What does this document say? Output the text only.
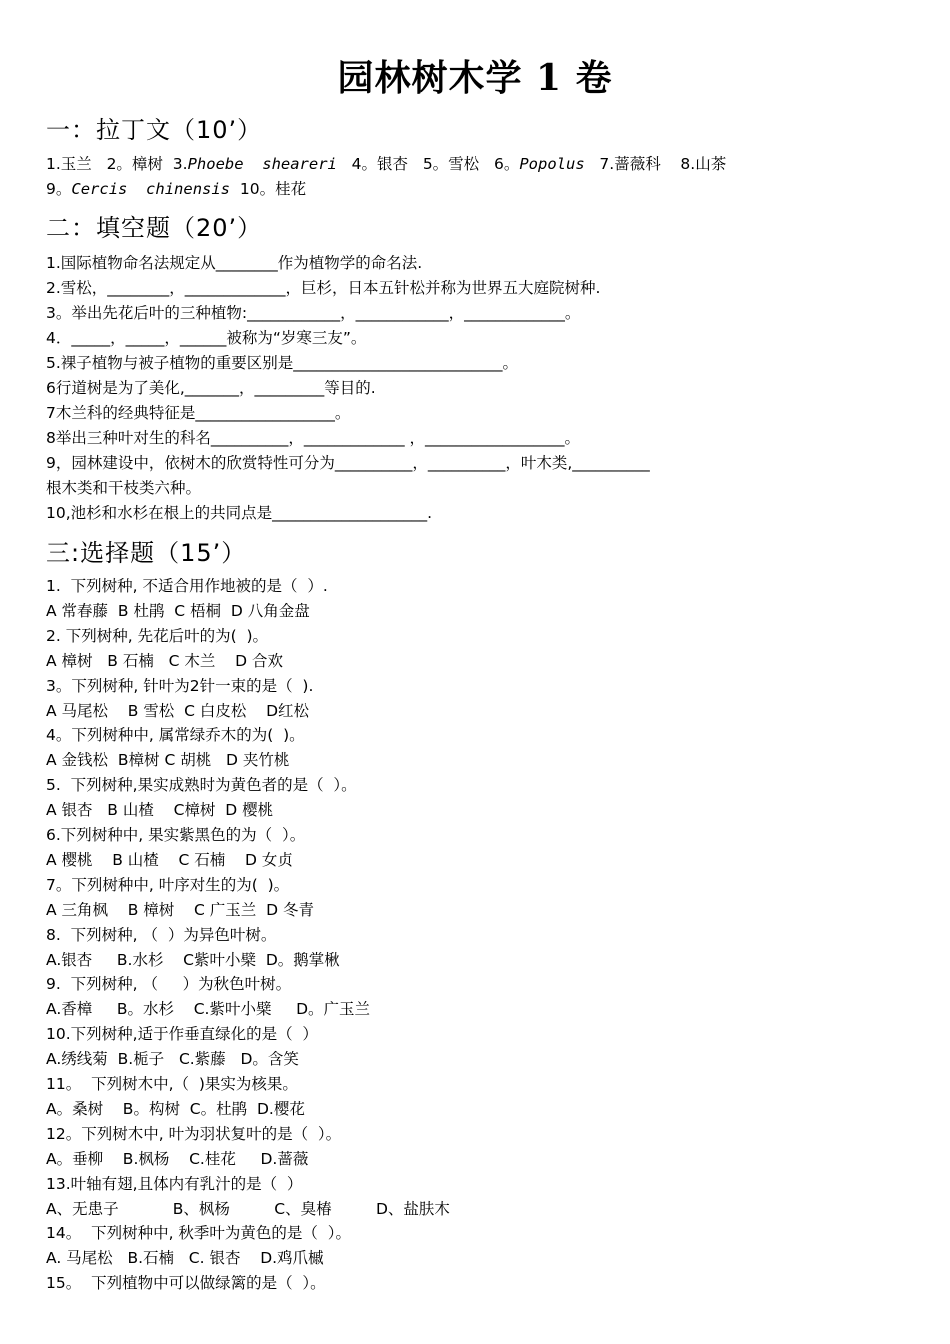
园林树木学 1 卷
一：拉丁文（10’）
1.玉兰   2。樟树  3.Phoebe  sheareri   4。银杏   5。雪松   6。Popolus   7.蔷薇科    8.山茶
9。Cercis  chinensis  10。桂花
二：填空题（20’）
1.国际植物命名法规定从________作为植物学的命名法.
2.雪松，________，_____________，巨杉，日本五针松并称为世界五大庭院树种.
3。举出先花后叶的三种植物:____________，____________，_____________。
4．_____，_____，______被称为“岁寒三友”。
5.裸子植物与被子植物的重要区别是___________________________。
6行道树是为了美化,_______，_________等目的.
7木兰科的经典特征是__________________。
8举出三种叶对生的科名__________，_____________ ，__________________。
9，园林建设中，依树木的欣赏特性可分为__________，__________，叶木类,__________
根木类和干枝类六种。
10,池杉和水杉在根上的共同点是____________________.
三:选择题（15’）
1.  下列树种, 不适合用作地被的是（  ）.
A 常春藤  B 杜鹃  C 梧桐  D 八角金盘
2. 下列树种, 先花后叶的为(  )。
A 樟树   B 石楠   C 木兰    D 合欢
3。下列树种, 针叶为2针一束的是（  ).
A 马尾松    B 雪松  C 白皮松    D红松
4。下列树种中, 属常绿乔木的为(  )。
A 金钱松  B樟树 C 胡桃   D 夹竹桃
5.  下列树种,果实成熟时为黄色者的是（  ）。
A 银杏   B 山楂    C樟树  D 樱桃
6.下列树种中, 果实紫黑色的为（  ）。
A 樱桃    B 山楂    C 石楠    D 女贞
7。下列树种中, 叶序对生的为(  )。
A 三角枫    B 樟树    C 广玉兰  D 冬青
8.  下列树种, （  ）为异色叶树。
A.银杏     B.水杉    C紫叶小檗  D。鹅掌楸
9.  下列树种, （     ）为秋色叶树。
A.香樟     B。水杉    C.紫叶小檗     D。广玉兰
10.下列树种,适于作垂直绿化的是（  ）
A.绣线菊  B.栀子   C.紫藤   D。含笑
11。  下列树木中,（  )果实为核果。
A。桑树    B。构树  C。杜鹃  D.樱花
12。下列树木中, 叶为羽状复叶的是（  ）。
A。垂柳    B.枫杨    C.桂花     D.蔷薇
13.叶轴有翅,且体内有乳汁的是（  ）
A、无患子           B、枫杨         C、臭椿         D、盐肤木
14。  下列树种中, 秋季叶为黄色的是（  ）。
A. 马尾松   B.石楠   C. 银杏    D.鸡爪槭
15。  下列植物中可以做绿篱的是（  ）。
